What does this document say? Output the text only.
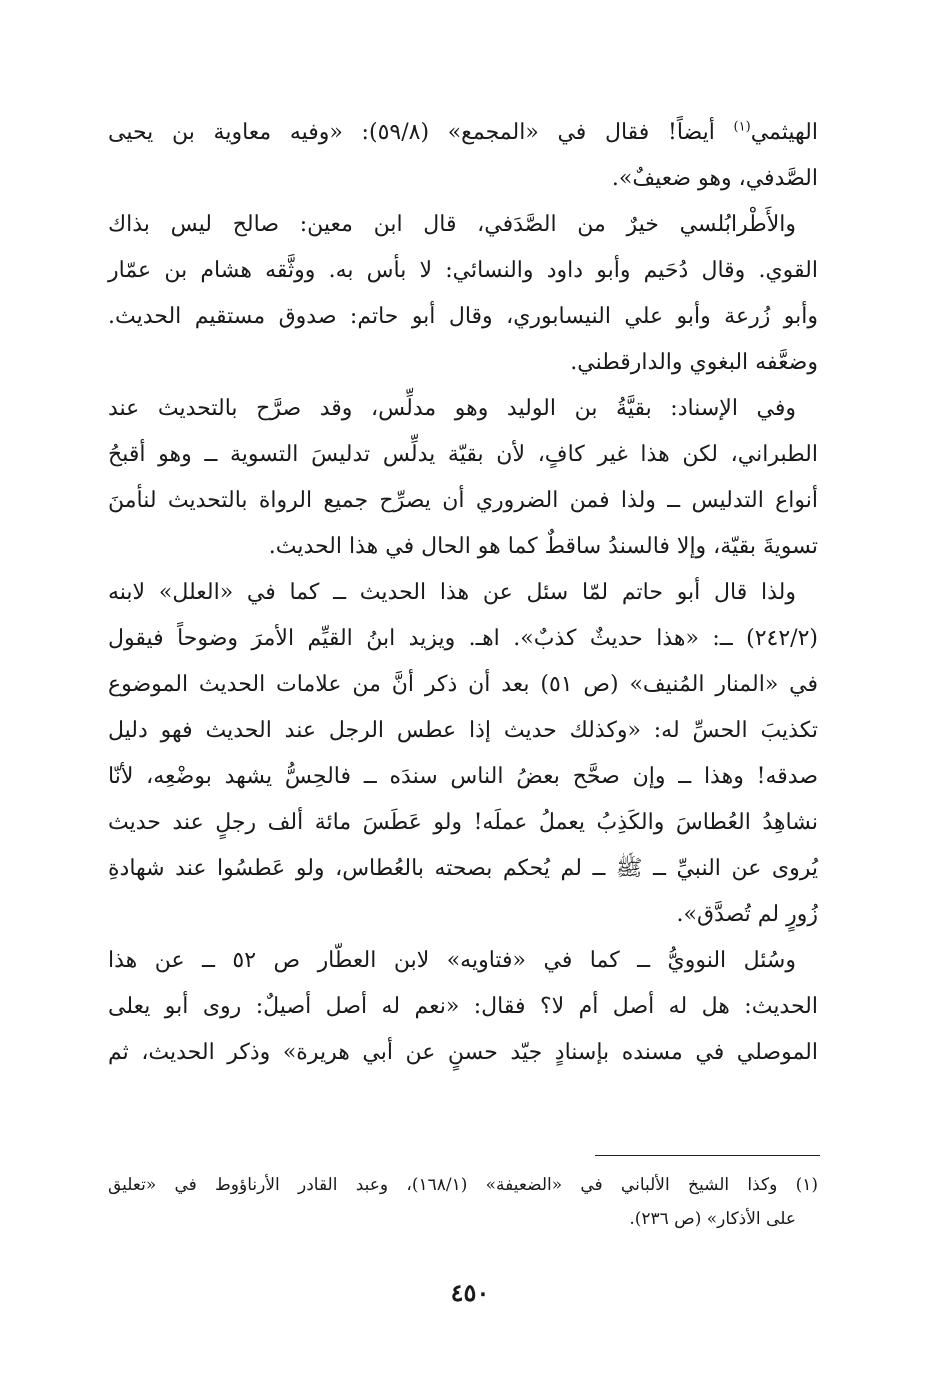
الهيثمي$^{(١)}$ أيضاً! فقال في «المجمع» (٥٩/٨): «وفيه معاوية بن يحيى
الصَّدفي، وهو ضعيفٌ».
والأَطْرابُلسي خيرٌ من الصَّدَفي، قال ابن معين: صالح ليس بذاك
القوي. وقال دُحَيم وأبو داود والنسائي: لا بأس به. ووثَّقه هشام بن عمّار
وأبو زُرعة وأبو علي النيسابوري، وقال أبو حاتم: صدوق مستقيم الحديث.
وضعَّفه البغوي والدارقطني.
وفي الإسناد: بقيَّةُ بن الوليد وهو مدلِّس، وقد صرَّح بالتحديث عند
الطبراني، لكن هذا غير كافٍ، لأن بقيّة يدلِّس تدليسَ التسوية ــ وهو أقبحُ
أنواع التدليس ــ ولذا فمن الضروري أن يصرِّح جميع الرواة بالتحديث لنأمنَ
تسويةَ بقيّة، وإلا فالسندُ ساقطٌ كما هو الحال في هذا الحديث.
ولذا قال أبو حاتم لمّا سئل عن هذا الحديث ــ كما في «العلل» لابنه
(٢٤٢/٢) ــ: «هذا حديثٌ كذبٌ». اهـ. ويزيد ابنُ القيِّم الأمرَ وضوحاً فيقول
في «المنار المُنيف» (ص ٥١) بعد أن ذكر أنَّ من علامات الحديث الموضوع
تكذيبَ الحسِّ له: «وكذلك حديث إذا عطس الرجل عند الحديث فهو دليل
صدقه! وهذا ــ وإن صحَّح بعضُ الناس سندَه ــ فالحِسُّ يشهد بوضْعِه، لأنّا
نشاهِدُ العُطاسَ والكَذِبُ يعملُ عملَه! ولو عَطَسَ مائة ألف رجلٍ عند حديث
يُروى عن النبيِّ ــ ﷺ ــ لم يُحكم بصحته بالعُطاس، ولو عَطسُوا عند شهادةِ
زُورٍ لم تُصدَّق».
وسُئل النوويُّ ــ كما في «فتاويه» لابن العطّار ص ٥٢ ــ عن هذا
الحديث: هل له أصل أم لا؟ فقال: «نعم له أصل أصيلٌ: روى أبو يعلى
الموصلي في مسنده بإسنادٍ جيّد حسنٍ عن أبي هريرة» وذكر الحديث، ثم
(١) وكذا الشيخ الألباني في «الضعيفة» (١٦٨/١)، وعبد القادر الأرناؤوط في «تعليق
على الأذكار» (ص ٢٣٦).
٤٥٠
